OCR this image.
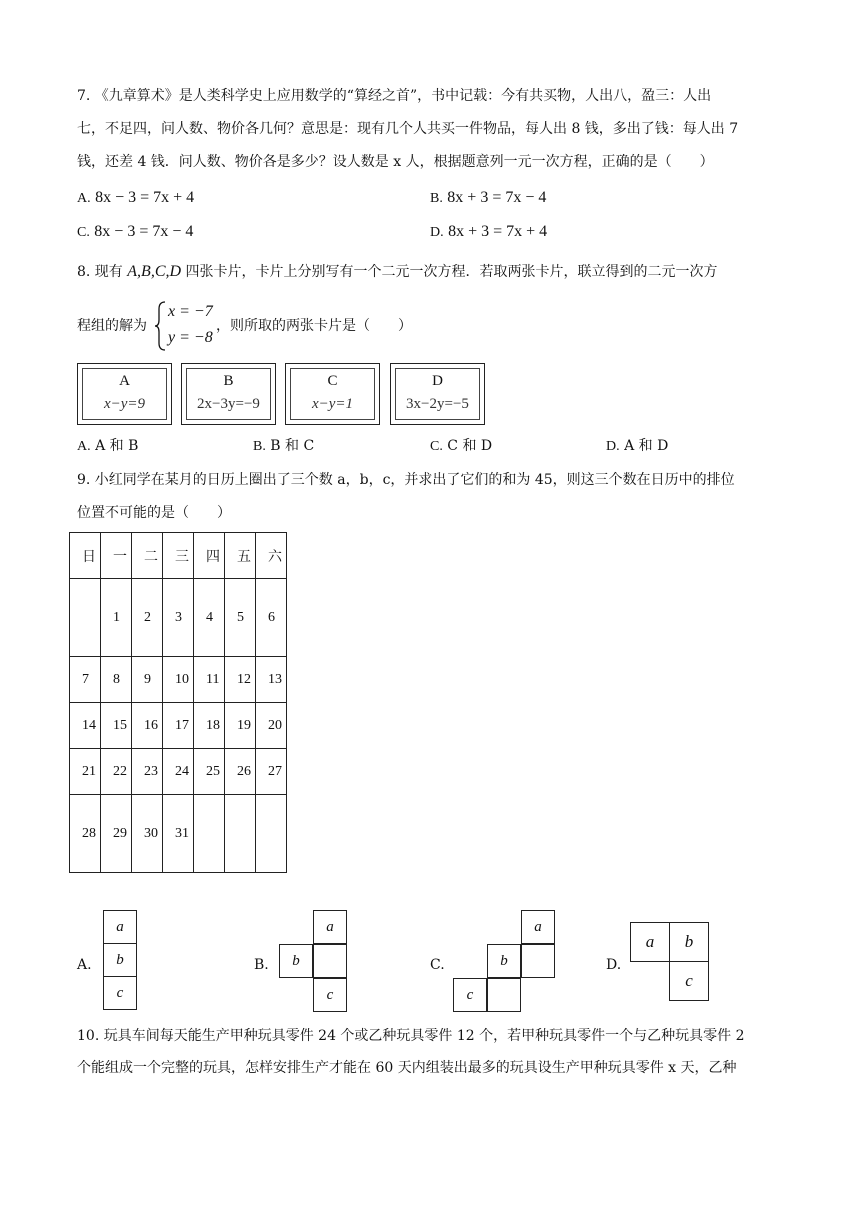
7. 《九章算术》是人类科学史上应用数学的“算经之首”，书中记载：今有共买物，人出八，盈三：人出
七，不足四，问人数、物价各几何？意思是：现有几个人共买一件物品，每人出 8 钱，多出了钱：每人出 7
钱，还差 4 钱．问人数、物价各是多少？设人数是 x 人，根据题意列一元一次方程，正确的是（　　）
A. 8x − 3 = 7x + 4	B. 8x + 3 = 7x − 4
C. 8x − 3 = 7x − 4	D. 8x + 3 = 7x + 4
8. 现有 A,B,C,D 四张卡片，卡片上分别写有一个二元一次方程．若取两张卡片，联立得到的二元一次方
程组的解为
x = −7
y = −8
，则所取的两张卡片是（　　）
A
x−y=9
B
2x−3y=−9
C
x−y=1
D
3x−2y=−5
A. A 和 B	B. B 和 C	C. C 和 D	D. A 和 D
9. 小红同学在某月的日历上圈出了三个数 a，b，c，并求出了它们的和为 45，则这三个数在日历中的排位
位置不可能的是（　　）
日	一	二	三	四	五	六
	1	2	3	4	5	6
7	8	9	10	11	12	13
14	15	16	17	18	19	20
21	22	23	24	25	26	27
28	29	30	31			
A.
a
b
c
B.
a
b
c
C.
a
b
c
D.
a	b
c
10. 玩具车间每天能生产甲种玩具零件 24 个或乙种玩具零件 12 个，若甲种玩具零件一个与乙种玩具零件 2
个能组成一个完整的玩具，怎样安排生产才能在 60 天内组装出最多的玩具设生产甲种玩具零件 x 天，乙种
